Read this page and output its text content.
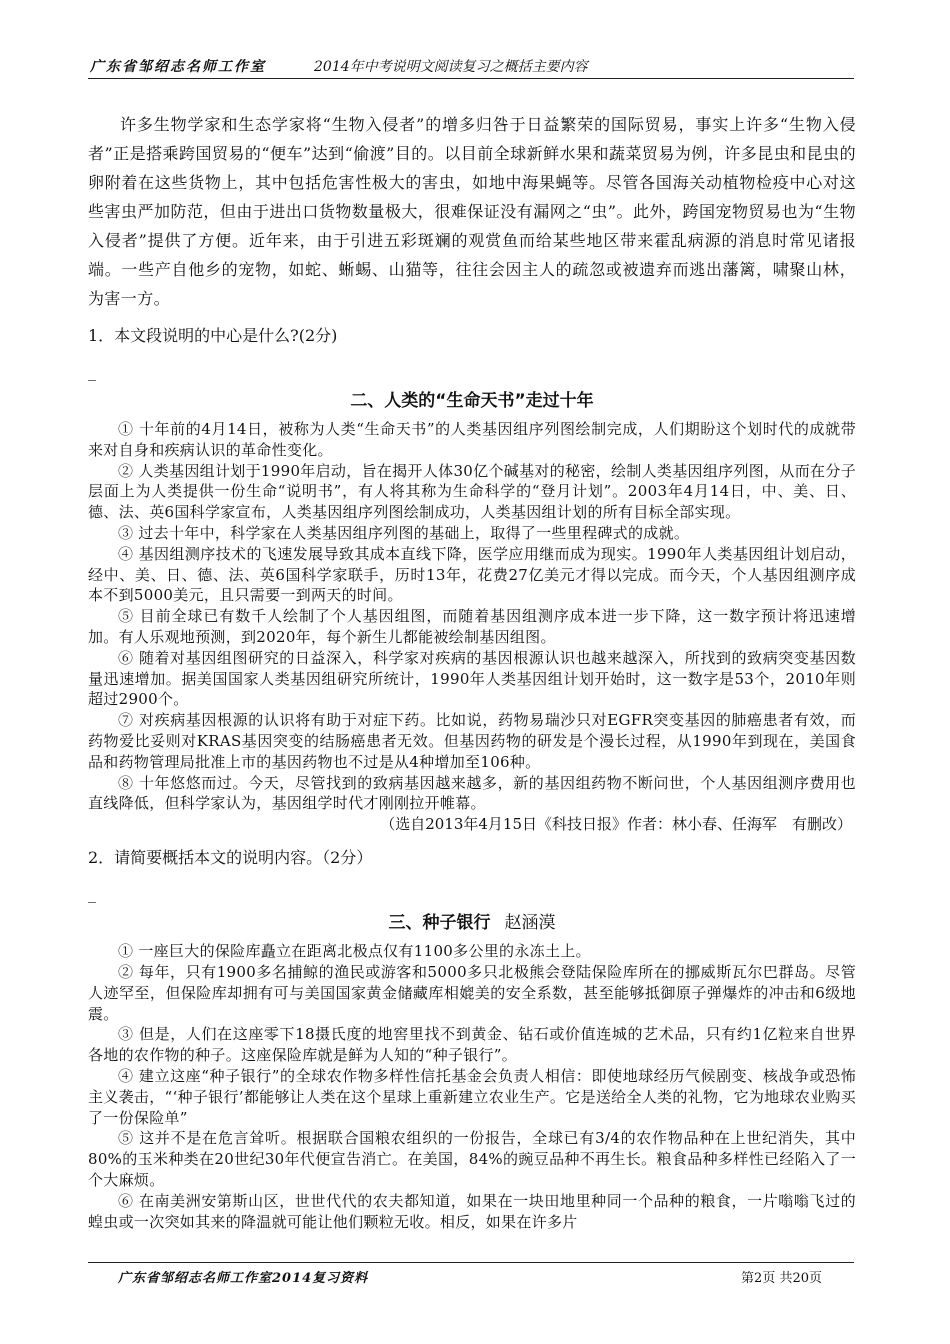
广东省邹绍志名师工作室	2014年中考说明文阅读复习之概括主要内容

许多生物学家和生态学家将“生物入侵者”的增多归咎于日益繁荣的国际贸易，事实上许多“生物入侵者”正是搭乘跨国贸易的“便车”达到“偷渡”目的。以目前全球新鲜水果和蔬菜贸易为例，许多昆虫和昆虫的卵附着在这些货物上，其中包括危害性极大的害虫，如地中海果蝇等。尽管各国海关动植物检疫中心对这些害虫严加防范，但由于进出口货物数量极大，很难保证没有漏网之“虫”。此外，跨国宠物贸易也为“生物入侵者”提供了方便。近年来，由于引进五彩斑斓的观赏鱼而给某些地区带来霍乱病源的消息时常见诸报端。一些产自他乡的宠物，如蛇、蜥蜴、山猫等，往往会因主人的疏忽或被遗弃而逃出藩篱，啸聚山林，为害一方。

1．本文段说明的中心是什么?(2分)

_

二、人类的“生命天书”走过十年

① 十年前的4月14日，被称为人类“生命天书”的人类基因组序列图绘制完成，人们期盼这个划时代的成就带来对自身和疾病认识的革命性变化。

② 人类基因组计划于1990年启动，旨在揭开人体30亿个碱基对的秘密，绘制人类基因组序列图，从而在分子层面上为人类提供一份生命“说明书”，有人将其称为生命科学的“登月计划”。2003年4月14日，中、美、日、德、法、英6国科学家宣布，人类基因组序列图绘制成功，人类基因组计划的所有目标全部实现。

③ 过去十年中，科学家在人类基因组序列图的基础上，取得了一些里程碑式的成就。

④ 基因组测序技术的飞速发展导致其成本直线下降，医学应用继而成为现实。1990年人类基因组计划启动，经中、美、日、德、法、英6国科学家联手，历时13年，花费27亿美元才得以完成。而今天，个人基因组测序成本不到5000美元，且只需要一到两天的时间。

⑤ 目前全球已有数千人绘制了个人基因组图，而随着基因组测序成本进一步下降，这一数字预计将迅速增加。有人乐观地预测，到2020年，每个新生儿都能被绘制基因组图。

⑥ 随着对基因组图研究的日益深入，科学家对疾病的基因根源认识也越来越深入，所找到的致病突变基因数量迅速增加。据美国国家人类基因组研究所统计，1990年人类基因组计划开始时，这一数字是53个，2010年则超过2900个。

⑦ 对疾病基因根源的认识将有助于对症下药。比如说，药物易瑞沙只对EGFR突变基因的肺癌患者有效，而药物爱比妥则对KRAS基因突变的结肠癌患者无效。但基因药物的研发是个漫长过程，从1990年到现在，美国食品和药物管理局批准上市的基因药物也不过是从4种增加至106种。

⑧ 十年悠悠而过。今天，尽管找到的致病基因越来越多，新的基因组药物不断问世，个人基因组测序费用也直线降低，但科学家认为，基因组学时代才刚刚拉开帷幕。

（选自2013年4月15日《科技日报》作者：林小春、任海军　有删改）

2．请简要概括本文的说明内容。（2分）

_

三、种子银行 赵涵漠

① 一座巨大的保险库矗立在距离北极点仅有1100多公里的永冻土上。

② 每年，只有1900多名捕鲸的渔民或游客和5000多只北极熊会登陆保险库所在的挪威斯瓦尔巴群岛。尽管人迹罕至，但保险库却拥有可与美国国家黄金储藏库相媲美的安全系数，甚至能够抵御原子弹爆炸的冲击和6级地震。

③ 但是，人们在这座零下18摄氏度的地窖里找不到黄金、钻石或价值连城的艺术品，只有约1亿粒来自世界各地的农作物的种子。这座保险库就是鲜为人知的“种子银行”。

④ 建立这座“种子银行”的全球农作物多样性信托基金会负责人相信：即使地球经历气候剧变、核战争或恐怖主义袭击，“‘种子银行’都能够让人类在这个星球上重新建立农业生产。它是送给全人类的礼物，它为地球农业购买了一份保险单”

⑤ 这并不是在危言耸听。根据联合国粮农组织的一份报告，全球已有3/4的农作物品种在上世纪消失，其中80%的玉米种类在20世纪30年代便宣告消亡。在美国，84%的豌豆品种不再生长。粮食品种多样性已经陷入了一个大麻烦。

⑥ 在南美洲安第斯山区，世世代代的农夫都知道，如果在一块田地里种同一个品种的粮食，一片嗡嗡飞过的蝗虫或一次突如其来的降温就可能让他们颗粒无收。相反，如果在许多片

广东省邹绍志名师工作室2014复习资料	第2页 共20页
